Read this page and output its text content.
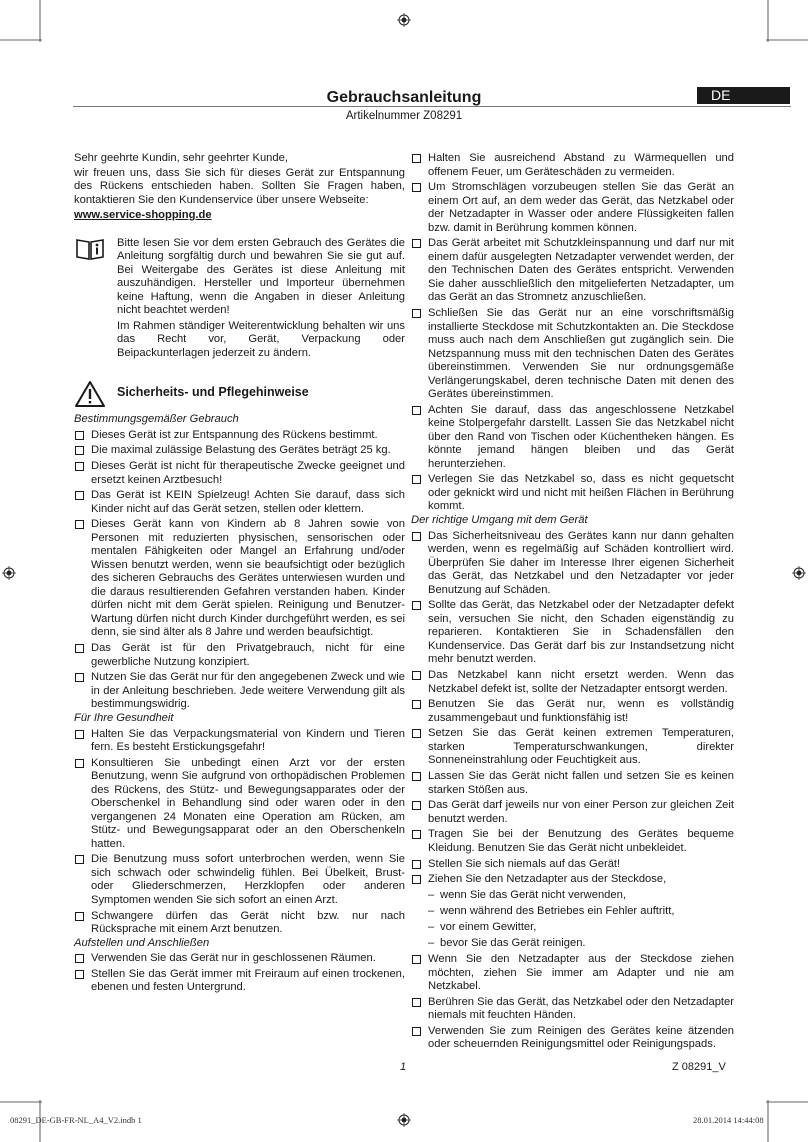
Gebrauchsanleitung	DE
Artikelnummer Z08291

Sehr geehrte Kundin, sehr geehrter Kunde,

wir freuen uns, dass Sie sich für dieses Gerät zur Entspannung des Rückens entschieden haben. Sollten Sie Fragen haben, kontaktieren Sie den Kundenservice über unsere Webseite:

www.service-shopping.de

Bitte lesen Sie vor dem ersten Gebrauch des Gerätes die Anleitung sorgfältig durch und bewahren Sie sie gut auf. Bei Weitergabe des Gerätes ist diese Anleitung mit auszuhändigen. Hersteller und Importeur übernehmen keine Haftung, wenn die Angaben in dieser Anleitung nicht beachtet werden!

Im Rahmen ständiger Weiterentwicklung behalten wir uns das Recht vor, Gerät, Verpackung oder Beipackunterlagen jederzeit zu ändern.

Sicherheits- und Pflegehinweise

Bestimmungsgemäßer Gebrauch

Dieses Gerät ist zur Entspannung des Rückens bestimmt.
Die maximal zulässige Belastung des Gerätes beträgt 25 kg.
Dieses Gerät ist nicht für therapeutische Zwecke geeignet und ersetzt keinen Arztbesuch!
Das Gerät ist KEIN Spielzeug! Achten Sie darauf, dass sich Kinder nicht auf das Gerät setzen, stellen oder klettern.
Dieses Gerät kann von Kindern ab 8 Jahren sowie von Personen mit reduzierten physischen, sensorischen oder mentalen Fähigkeiten oder Mangel an Erfahrung und/oder Wissen benutzt werden, wenn sie beaufsichtigt oder bezüglich des sicheren Gebrauchs des Gerätes unterwiesen wurden und die daraus resultierenden Gefahren verstanden haben. Kinder dürfen nicht mit dem Gerät spielen. Reinigung und Benutzer-Wartung dürfen nicht durch Kinder durchgeführt werden, es sei denn, sie sind älter als 8 Jahre und werden beaufsichtigt.
Das Gerät ist für den Privatgebrauch, nicht für eine gewerbliche Nutzung konzipiert.
Nutzen Sie das Gerät nur für den angegebenen Zweck und wie in der Anleitung beschrieben. Jede weitere Verwendung gilt als bestimmungswidrig.

Für Ihre Gesundheit

Halten Sie das Verpackungsmaterial von Kindern und Tieren fern. Es besteht Erstickungsgefahr!
Konsultieren Sie unbedingt einen Arzt vor der ersten Benutzung, wenn Sie aufgrund von orthopädischen Problemen des Rückens, des Stütz- und Bewegungsapparates oder der Oberschenkel in Behandlung sind oder waren oder in den vergangenen 24 Monaten eine Operation am Rücken, am Stütz- und Bewegungsapparat oder an den Oberschenkeln hatten.
Die Benutzung muss sofort unterbrochen werden, wenn Sie sich schwach oder schwindelig fühlen. Bei Übelkeit, Brust- oder Gliederschmerzen, Herzklopfen oder anderen Symptomen wenden Sie sich sofort an einen Arzt.
Schwangere dürfen das Gerät nicht bzw. nur nach Rücksprache mit einem Arzt benutzen.

Aufstellen und Anschließen

Verwenden Sie das Gerät nur in geschlossenen Räumen.
Stellen Sie das Gerät immer mit Freiraum auf einen trockenen, ebenen und festen Untergrund.
Halten Sie ausreichend Abstand zu Wärmequellen und offenem Feuer, um Geräteschäden zu vermeiden.
Um Stromschlägen vorzubeugen stellen Sie das Gerät an einem Ort auf, an dem weder das Gerät, das Netzkabel oder der Netzadapter in Wasser oder andere Flüssigkeiten fallen bzw. damit in Berührung kommen können.
Das Gerät arbeitet mit Schutzkleinspannung und darf nur mit einem dafür ausgelegten Netzadapter verwendet werden, der den Technischen Daten des Gerätes entspricht. Verwenden Sie daher ausschließlich den mitgelieferten Netzadapter, um das Gerät an das Stromnetz anzuschließen.
Schließen Sie das Gerät nur an eine vorschriftsmäßig installierte Steckdose mit Schutzkontakten an. Die Steckdose muss auch nach dem Anschließen gut zugänglich sein. Die Netzspannung muss mit den technischen Daten des Gerätes übereinstimmen. Verwenden Sie nur ordnungsgemäße Verlängerungskabel, deren technische Daten mit denen des Gerätes übereinstimmen.
Achten Sie darauf, dass das angeschlossene Netzkabel keine Stolpergefahr darstellt. Lassen Sie das Netzkabel nicht über den Rand von Tischen oder Küchentheken hängen. Es könnte jemand hängen bleiben und das Gerät herunterziehen.
Verlegen Sie das Netzkabel so, dass es nicht gequetscht oder geknickt wird und nicht mit heißen Flächen in Berührung kommt.

Der richtige Umgang mit dem Gerät

Das Sicherheitsniveau des Gerätes kann nur dann gehalten werden, wenn es regelmäßig auf Schäden kontrolliert wird. Überprüfen Sie daher im Interesse Ihrer eigenen Sicherheit das Gerät, das Netzkabel und den Netzadapter vor jeder Benutzung auf Schäden.
Sollte das Gerät, das Netzkabel oder der Netzadapter defekt sein, versuchen Sie nicht, den Schaden eigenständig zu reparieren. Kontaktieren Sie in Schadensfällen den Kundenservice. Das Gerät darf bis zur Instandsetzung nicht mehr benutzt werden.
Das Netzkabel kann nicht ersetzt werden. Wenn das Netzkabel defekt ist, sollte der Netzadapter entsorgt werden.
Benutzen Sie das Gerät nur, wenn es vollständig zusammengebaut und funktionsfähig ist!
Setzen Sie das Gerät keinen extremen Temperaturen, starken Temperaturschwankungen, direkter Sonneneinstrahlung oder Feuchtigkeit aus.
Lassen Sie das Gerät nicht fallen und setzen Sie es keinen starken Stößen aus.
Das Gerät darf jeweils nur von einer Person zur gleichen Zeit benutzt werden.
Tragen Sie bei der Benutzung des Gerätes bequeme Kleidung. Benutzen Sie das Gerät nicht unbekleidet.
Stellen Sie sich niemals auf das Gerät!
Ziehen Sie den Netzadapter aus der Steckdose,
– wenn Sie das Gerät nicht verwenden,
– wenn während des Betriebes ein Fehler auftritt,
– vor einem Gewitter,
– bevor Sie das Gerät reinigen.
Wenn Sie den Netzadapter aus der Steckdose ziehen möchten, ziehen Sie immer am Adapter und nie am Netzkabel.
Berühren Sie das Gerät, das Netzkabel oder den Netzadapter niemals mit feuchten Händen.
Verwenden Sie zum Reinigen des Gerätes keine ätzenden oder scheuernden Reinigungsmittel oder Reinigungspads.
1	Z 08291_V
08291_DE-GB-FR-NL_A4_V2.indb 1	28.01.2014 14:44:08
